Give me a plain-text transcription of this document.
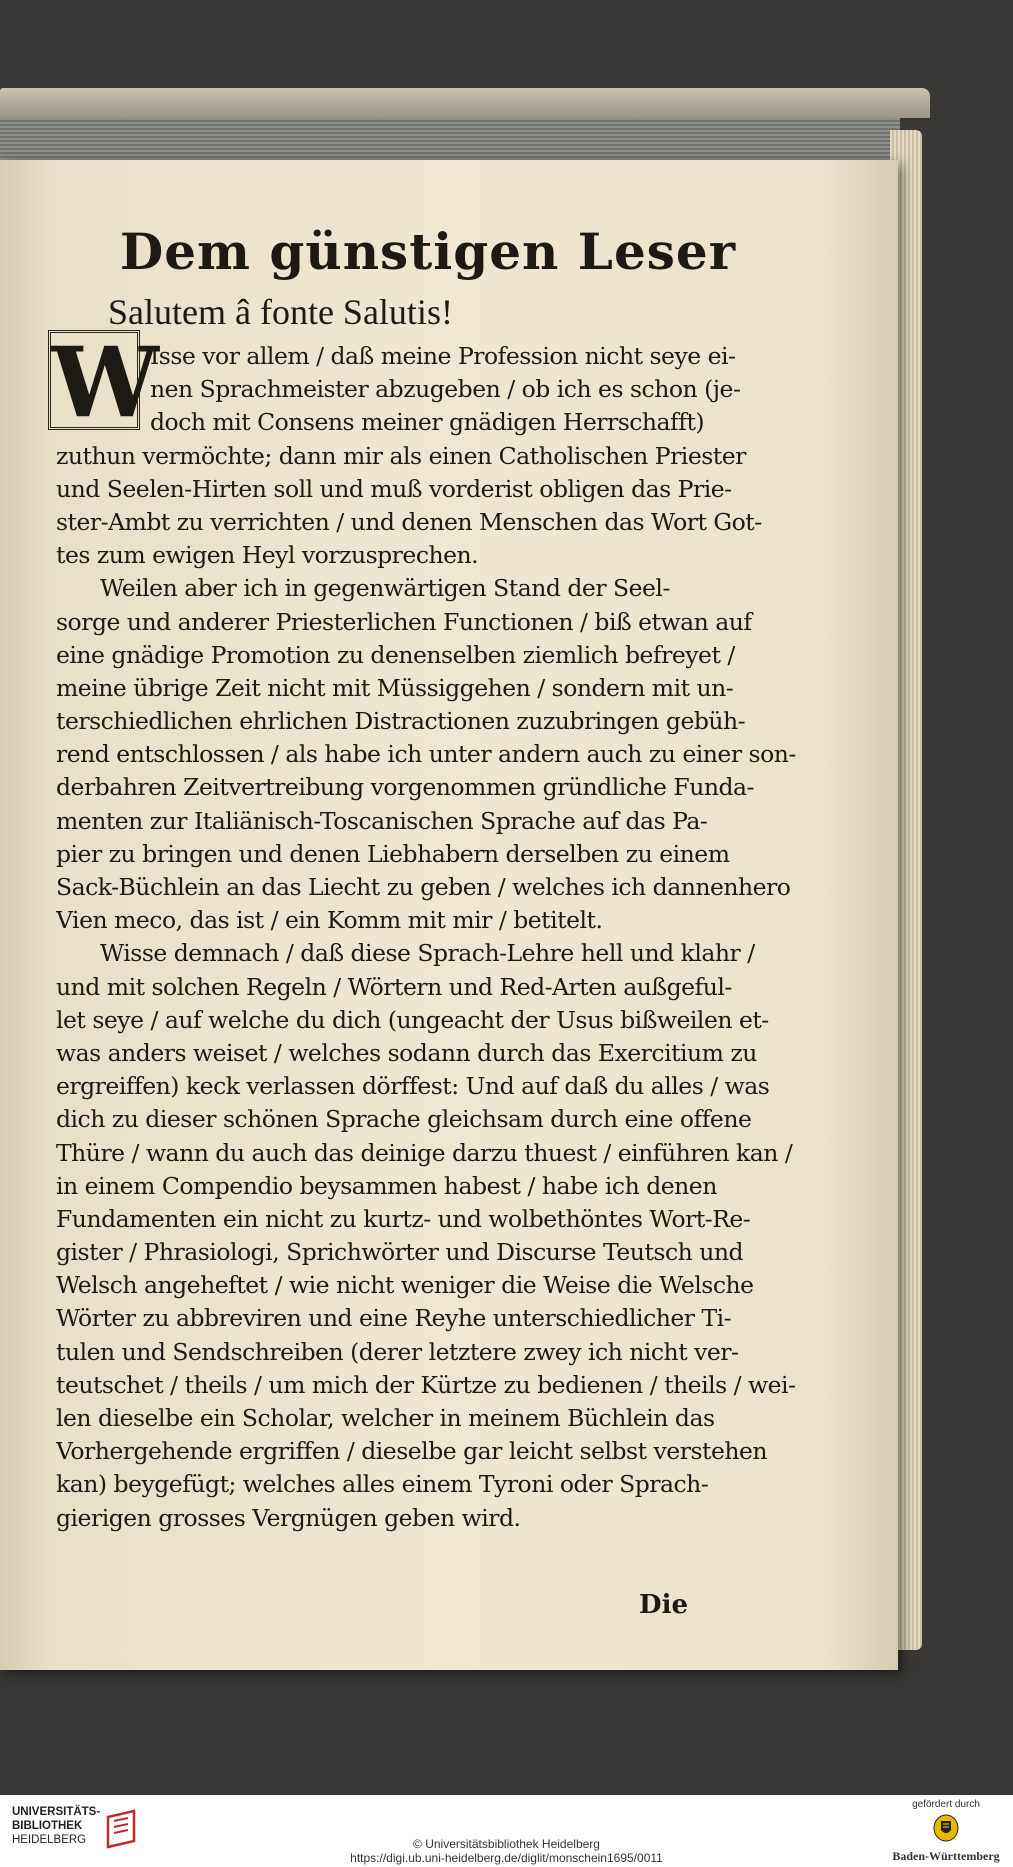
Dem günstigen Leser
Salutem â fonte Salutis!
Isse vor allem / daß meine Profession nicht seye ei-
nen Sprachmeister abzugeben / ob ich es schon (je-
doch mit Consens meiner gnädigen Herrschafft)
zuthun vermöchte; dann mir als einen Catholischen Priester
und Seelen-Hirten soll und muß vorderist obligen das Prie-
ster-Ambt zu verrichten / und denen Menschen das Wort Got-
tes zum ewigen Heyl vorzusprechen.
Weilen aber ich in gegenwärtigen Stand der Seel-
sorge und anderer Priesterlichen Functionen / biß etwan auf
eine gnädige Promotion zu denenselben ziemlich befreyet /
meine übrige Zeit nicht mit Müssiggehen / sondern mit un-
terschiedlichen ehrlichen Distractionen zuzubringen gebüh-
rend entschlossen / als habe ich unter andern auch zu einer son-
derbahren Zeitvertreibung vorgenommen gründliche Funda-
menten zur Italiänisch-Toscanischen Sprache auf das Pa-
pier zu bringen und denen Liebhabern derselben zu einem
Sack-Büchlein an das Liecht zu geben / welches ich dannenhero
Vien meco, das ist / ein Komm mit mir / betitelt.
Wisse demnach / daß diese Sprach-Lehre hell und klahr /
und mit solchen Regeln / Wörtern und Red-Arten außgeful-
let seye / auf welche du dich (ungeacht der Usus bißweilen et-
was anders weiset / welches sodann durch das Exercitium zu
ergreiffen) keck verlassen dörffest: Und auf daß du alles / was
dich zu dieser schönen Sprache gleichsam durch eine offene
Thüre / wann du auch das deinige darzu thuest / einführen kan /
in einem Compendio beysammen habest / habe ich denen
Fundamenten ein nicht zu kurtz- und wolbethöntes Wort-Re-
gister / Phrasiologi, Sprichwörter und Discurse Teutsch und
Welsch angeheftet / wie nicht weniger die Weise die Welsche
Wörter zu abbreviren und eine Reyhe unterschiedlicher Ti-
tulen und Sendschreiben (derer letztere zwey ich nicht ver-
teutschet / theils / um mich der Kürtze zu bedienen / theils / wei-
len dieselbe ein Scholar, welcher in meinem Büchlein das
Vorhergehende ergriffen / dieselbe gar leicht selbst verstehen
kan) beygefügt; welches alles einem Tyroni oder Sprach-
gierigen grosses Vergnügen geben wird.
W
Die
UNIVERSITÄTS-
BIBLIOTHEK
HEIDELBERG	© Universitätsbibliothek Heidelberg
https://digi.ub.uni-heidelberg.de/diglit/monschein1695/0011
gefördert durch
Baden-Württemberg
